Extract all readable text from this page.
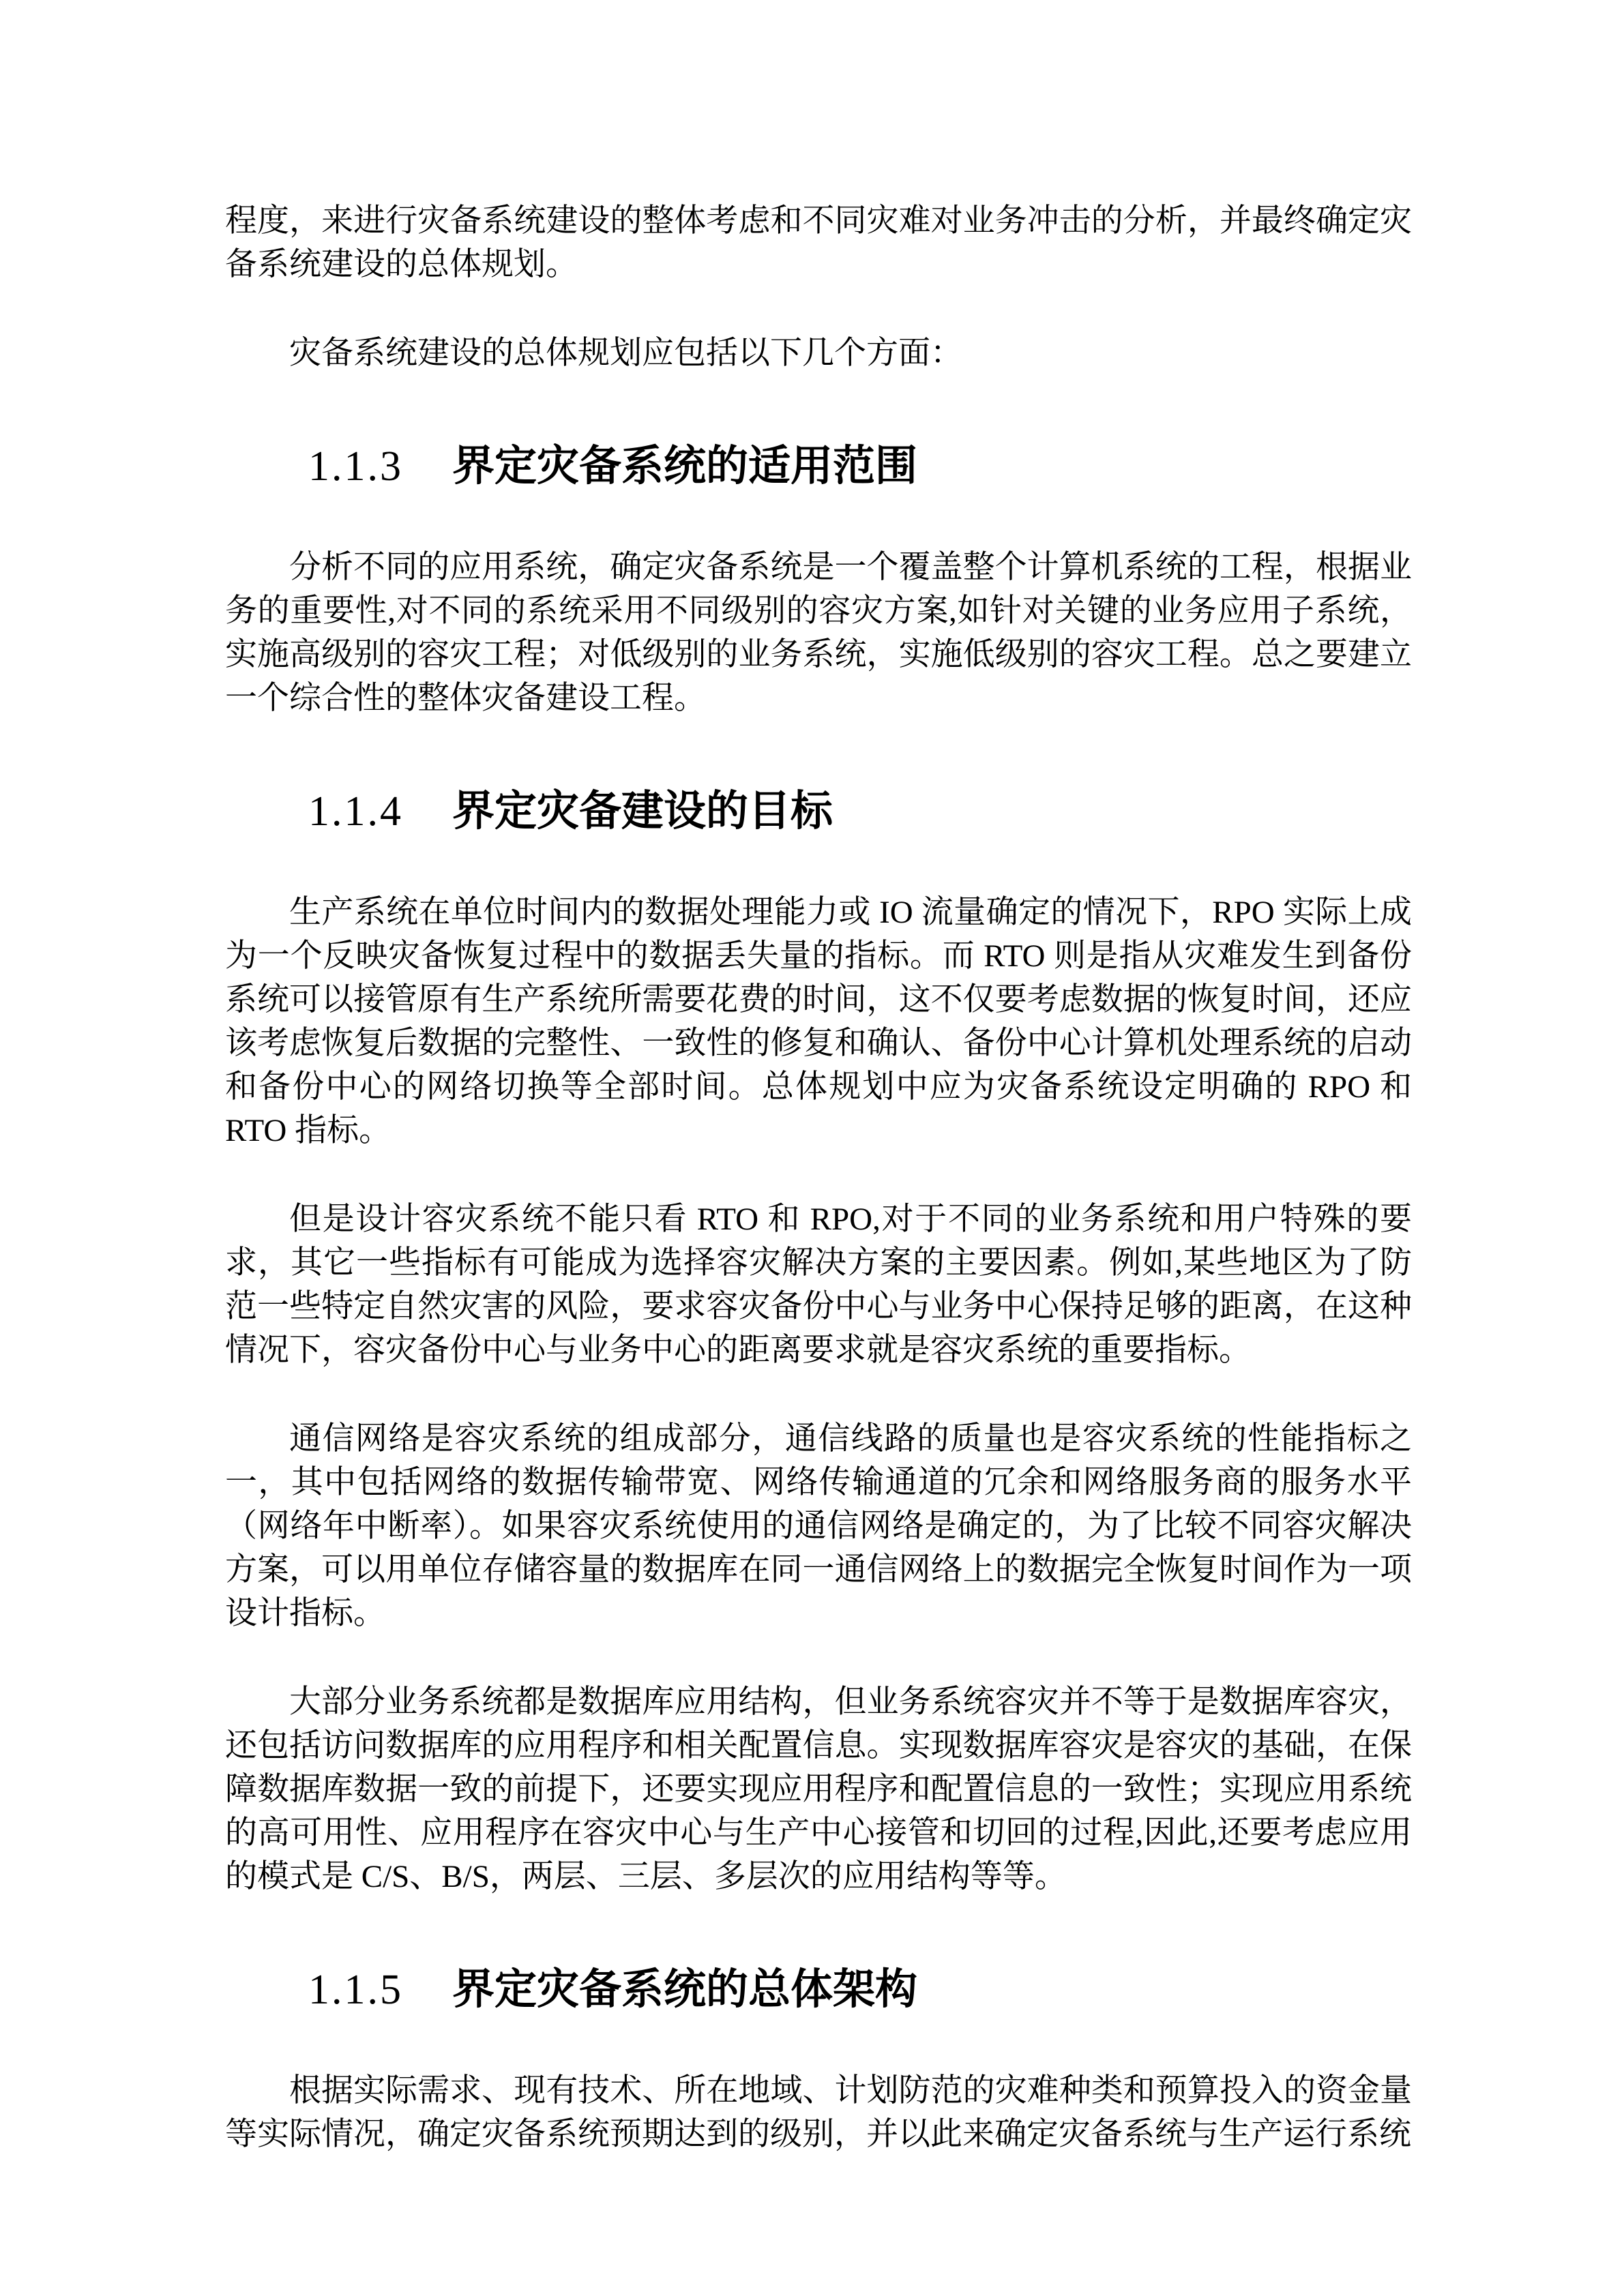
程度，来进行灾备系统建设的整体考虑和不同灾难对业务冲击的分析，并最终确定灾备系统建设的总体规划。

灾备系统建设的总体规划应包括以下几个方面：

1.1.3 界定灾备系统的适用范围

分析不同的应用系统，确定灾备系统是一个覆盖整个计算机系统的工程，根据业务的重要性,对不同的系统采用不同级别的容灾方案,如针对关键的业务应用子系统，实施高级别的容灾工程；对低级别的业务系统，实施低级别的容灾工程。总之要建立一个综合性的整体灾备建设工程。

1.1.4 界定灾备建设的目标

生产系统在单位时间内的数据处理能力或 IO 流量确定的情况下，RPO 实际上成为一个反映灾备恢复过程中的数据丢失量的指标。而 RTO 则是指从灾难发生到备份系统可以接管原有生产系统所需要花费的时间，这不仅要考虑数据的恢复时间，还应该考虑恢复后数据的完整性、一致性的修复和确认、备份中心计算机处理系统的启动和备份中心的网络切换等全部时间。总体规划中应为灾备系统设定明确的 RPO 和 RTO 指标。

但是设计容灾系统不能只看 RTO 和 RPO,对于不同的业务系统和用户特殊的要求，其它一些指标有可能成为选择容灾解决方案的主要因素。例如,某些地区为了防范一些特定自然灾害的风险，要求容灾备份中心与业务中心保持足够的距离，在这种情况下，容灾备份中心与业务中心的距离要求就是容灾系统的重要指标。

通信网络是容灾系统的组成部分，通信线路的质量也是容灾系统的性能指标之一，其中包括网络的数据传输带宽、网络传输通道的冗余和网络服务商的服务水平（网络年中断率）。如果容灾系统使用的通信网络是确定的，为了比较不同容灾解决方案，可以用单位存储容量的数据库在同一通信网络上的数据完全恢复时间作为一项设计指标。

大部分业务系统都是数据库应用结构，但业务系统容灾并不等于是数据库容灾，还包括访问数据库的应用程序和相关配置信息。实现数据库容灾是容灾的基础，在保障数据库数据一致的前提下，还要实现应用程序和配置信息的一致性；实现应用系统的高可用性、应用程序在容灾中心与生产中心接管和切回的过程,因此,还要考虑应用的模式是 C/S、B/S，两层、三层、多层次的应用结构等等。

1.1.5 界定灾备系统的总体架构

根据实际需求、现有技术、所在地域、计划防范的灾难种类和预算投入的资金量等实际情况，确定灾备系统预期达到的级别，并以此来确定灾备系统与生产运行系统
